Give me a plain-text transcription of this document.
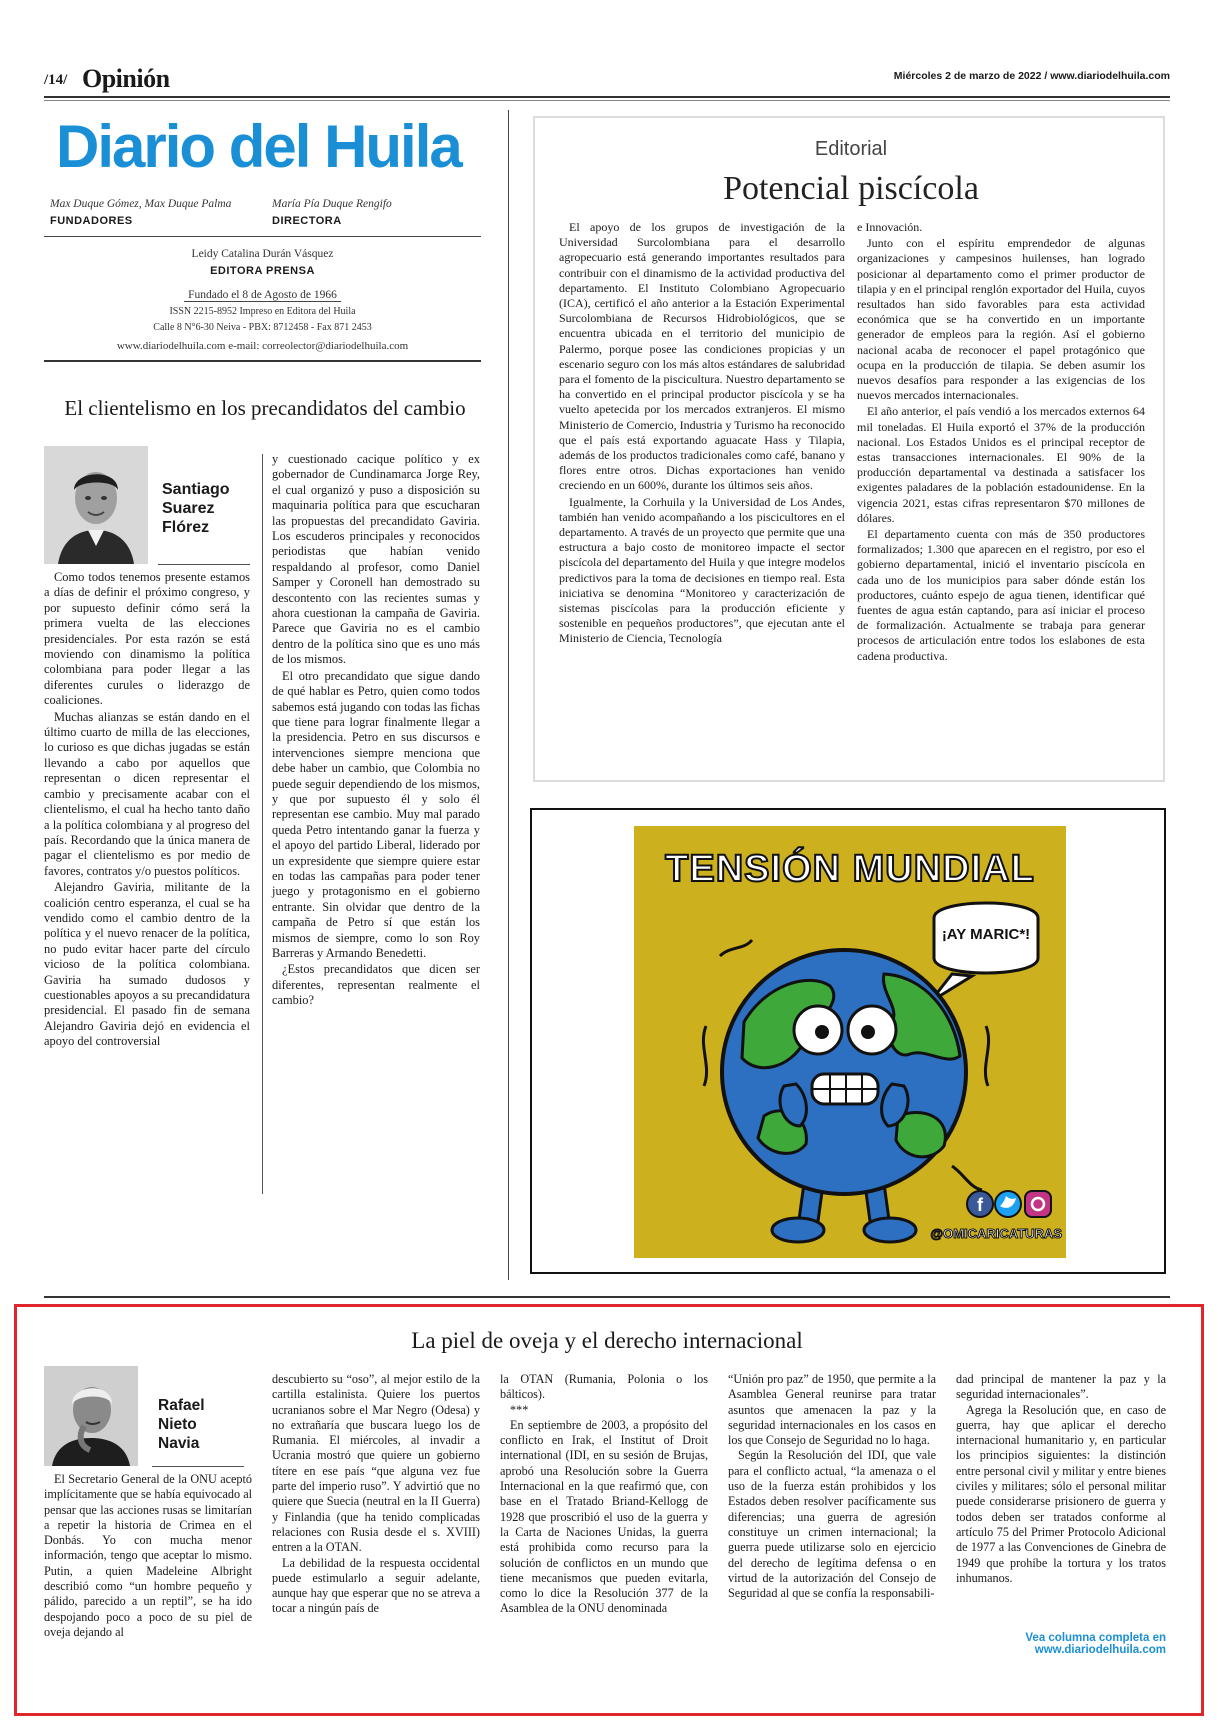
/14/ Opinión	Miércoles 2 de marzo de 2022 / www.diariodelhuila.com
Diario del Huila
Max Duque Gómez, Max Duque Palma
FUNDADORES
María Pía Duque Rengifo
DIRECTORA
Leidy Catalina Durán Vásquez
EDITORA PRENSA
Fundado el 8 de Agosto de 1966
ISSN 2215-8952 Impreso en Editora del Huila
Calle 8 N°6-30 Neiva - PBX: 8712458 - Fax 871 2453
www.diariodelhuila.com e-mail: correolector@diariodelhuila.com
El clientelismo en los precandidatos del cambio
Santiago
Suarez
Flórez

Como todos tenemos presente estamos a días de definir el próximo congreso, y por supuesto definir cómo será la primera vuelta de las elecciones presidenciales. Por esta razón se está moviendo con dinamismo la política colombiana para poder llegar a las diferentes curules o liderazgo de coaliciones.

Muchas alianzas se están dando en el último cuarto de milla de las elecciones, lo curioso es que dichas jugadas se están llevando a cabo por aquellos que representan o dicen representar el cambio y precisamente acabar con el clientelismo, el cual ha hecho tanto daño a la política colombiana y al progreso del país. Recordando que la única manera de pagar el clientelismo es por medio de favores, contratos y/o puestos políticos.

Alejandro Gaviria, militante de la coalición centro esperanza, el cual se ha vendido como el cambio dentro de la política y el nuevo renacer de la política, no pudo evitar hacer parte del círculo vicioso de la política colombiana. Gaviria ha sumado dudosos y cuestionables apoyos a su precandidatura presidencial. El pasado fin de semana Alejandro Gaviria dejó en evidencia el apoyo del controversial

y cuestionado cacique político y ex gobernador de Cundinamarca Jorge Rey, el cual organizó y puso a disposición su maquinaria política para que escucharan las propuestas del precandidato Gaviria. Los escuderos principales y reconocidos periodistas que habían venido respaldando al profesor, como Daniel Samper y Coronell han demostrado su descontento con las recientes sumas y ahora cuestionan la campaña de Gaviria. Parece que Gaviria no es el cambio dentro de la política sino que es uno más de los mismos.

El otro precandidato que sigue dando de qué hablar es Petro, quien como todos sabemos está jugando con todas las fichas que tiene para lograr finalmente llegar a la presidencia. Petro en sus discursos e intervenciones siempre menciona que debe haber un cambio, que Colombia no puede seguir dependiendo de los mismos, y que por supuesto él y solo él representan ese cambio. Muy mal parado queda Petro intentando ganar la fuerza y el apoyo del partido Liberal, liderado por un expresidente que siempre quiere estar en todas las campañas para poder tener juego y protagonismo en el gobierno entrante. Sin olvidar que dentro de la campaña de Petro sí que están los mismos de siempre, como lo son Roy Barreras y Armando Benedetti.

¿Estos precandidatos que dicen ser diferentes, representan realmente el cambio?

Editorial
Potencial piscícola

El apoyo de los grupos de investigación de la Universidad Surcolombiana para el desarrollo agropecuario está generando importantes resultados para contribuir con el dinamismo de la actividad productiva del departamento. El Instituto Colombiano Agropecuario (ICA), certificó el año anterior a la Estación Experimental Surcolombiana de Recursos Hidrobiológicos, que se encuentra ubicada en el territorio del municipio de Palermo, porque posee las condiciones propicias y un escenario seguro con los más altos estándares de salubridad para el fomento de la piscicultura. Nuestro departamento se ha convertido en el principal productor piscícola y se ha vuelto apetecida por los mercados extranjeros. El mismo Ministerio de Comercio, Industria y Turismo ha reconocido que el país está exportando aguacate Hass y Tilapia, además de los productos tradicionales como café, banano y flores entre otros. Dichas exportaciones han venido creciendo en un 600%, durante los últimos seis años.

Igualmente, la Corhuila y la Universidad de Los Andes, también han venido acompañando a los piscicultores en el departamento. A través de un proyecto que permite que una estructura a bajo costo de monitoreo impacte el sector piscícola del departamento del Huila y que integre modelos predictivos para la toma de decisiones en tiempo real. Esta iniciativa se denomina “Monitoreo y caracterización de sistemas piscícolas para la producción eficiente y sostenible en pequeños productores”, que ejecutan ante el Ministerio de Ciencia, Tecnología

e Innovación.

Junto con el espíritu emprendedor de algunas organizaciones y campesinos huilenses, han logrado posicionar al departamento como el primer productor de tilapia y en el principal renglón exportador del Huila, cuyos resultados han sido favorables para esta actividad económica que se ha convertido en un importante generador de empleos para la región. Así el gobierno nacional acaba de reconocer el papel protagónico que ocupa en la producción de tilapia. Se deben asumir los nuevos desafíos para responder a las exigencias de los nuevos mercados internacionales.

El año anterior, el país vendió a los mercados externos 64 mil toneladas. El Huila exportó el 37% de la producción nacional. Los Estados Unidos es el principal receptor de estas transacciones internacionales. El 90% de la producción departamental va destinada a satisfacer los exigentes paladares de la población estadounidense. En la vigencia 2021, estas cifras representaron $70 millones de dólares.

El departamento cuenta con más de 350 productores formalizados; 1.300 que aparecen en el registro, por eso el gobierno departamental, inició el inventario piscícola en cada uno de los municipios para saber dónde están los productores, cuánto espejo de agua tienen, identificar qué fuentes de agua están captando, para así iniciar el proceso de formalización. Actualmente se trabaja para generar procesos de articulación entre todos los eslabones de esta cadena productiva.

f
TENSIÓN MUNDIAL
¡AY MARIC*!
@OMICARICATURAS
La piel de oveja y el derecho internacional
Rafael
Nieto
Navia

El Secretario General de la ONU aceptó implícitamente que se había equivocado al pensar que las acciones rusas se limitarían a repetir la historia de Crimea en el Donbás. Yo con mucha menor información, tengo que aceptar lo mismo. Putin, a quien Madeleine Albright describió como “un hombre pequeño y pálido, parecido a un reptil”, se ha ido despojando poco a poco de su piel de oveja dejando al

descubierto su “oso”, al mejor estilo de la cartilla estalinista. Quiere los puertos ucranianos sobre el Mar Negro (Odesa) y no extrañaría que buscara luego los de Rumania. El miércoles, al invadir a Ucrania mostró que quiere un gobierno títere en ese país “que alguna vez fue parte del imperio ruso”. Y advirtió que no quiere que Suecia (neutral en la II Guerra) y Finlandia (que ha tenido complicadas relaciones con Rusia desde el s. XVIII) entren a la OTAN.

La debilidad de la respuesta occidental puede estimularlo a seguir adelante, aunque hay que esperar que no se atreva a tocar a ningún país de

la OTAN (Rumania, Polonia o los bálticos).

***

En septiembre de 2003, a propósito del conflicto en Irak, el Institut of Droit international (IDI, en su sesión de Brujas, aprobó una Resolución sobre la Guerra Internacional en la que reafirmó que, con base en el Tratado Briand-Kellogg de 1928 que proscribió el uso de la guerra y la Carta de Naciones Unidas, la guerra está prohibida como recurso para la solución de conflictos en un mundo que tiene mecanismos que pueden evitarla, como lo dice la Resolución 377 de la Asamblea de la ONU denominada

“Unión pro paz” de 1950, que permite a la Asamblea General reunirse para tratar asuntos que amenacen la paz y la seguridad internacionales en los casos en los que Consejo de Seguridad no lo haga.

Según la Resolución del IDI, que vale para el conflicto actual, “la amenaza o el uso de la fuerza están prohibidos y los Estados deben resolver pacíficamente sus diferencias; una guerra de agresión constituye un crimen internacional; la guerra puede utilizarse solo en ejercicio del derecho de legítima defensa o en virtud de la autorización del Consejo de Seguridad al que se confía la responsabili-

dad principal de mantener la paz y la seguridad internacionales”.

Agrega la Resolución que, en caso de guerra, hay que aplicar el derecho internacional humanitario y, en particular los principios siguientes: la distinción entre personal civil y militar y entre bienes civiles y militares; sólo el personal militar puede considerarse prisionero de guerra y todos deben ser tratados conforme al artículo 75 del Primer Protocolo Adicional de 1977 a las Convenciones de Ginebra de 1949 que prohíbe la tortura y los tratos inhumanos.

Vea columna completa en
www.diariodelhuila.com
